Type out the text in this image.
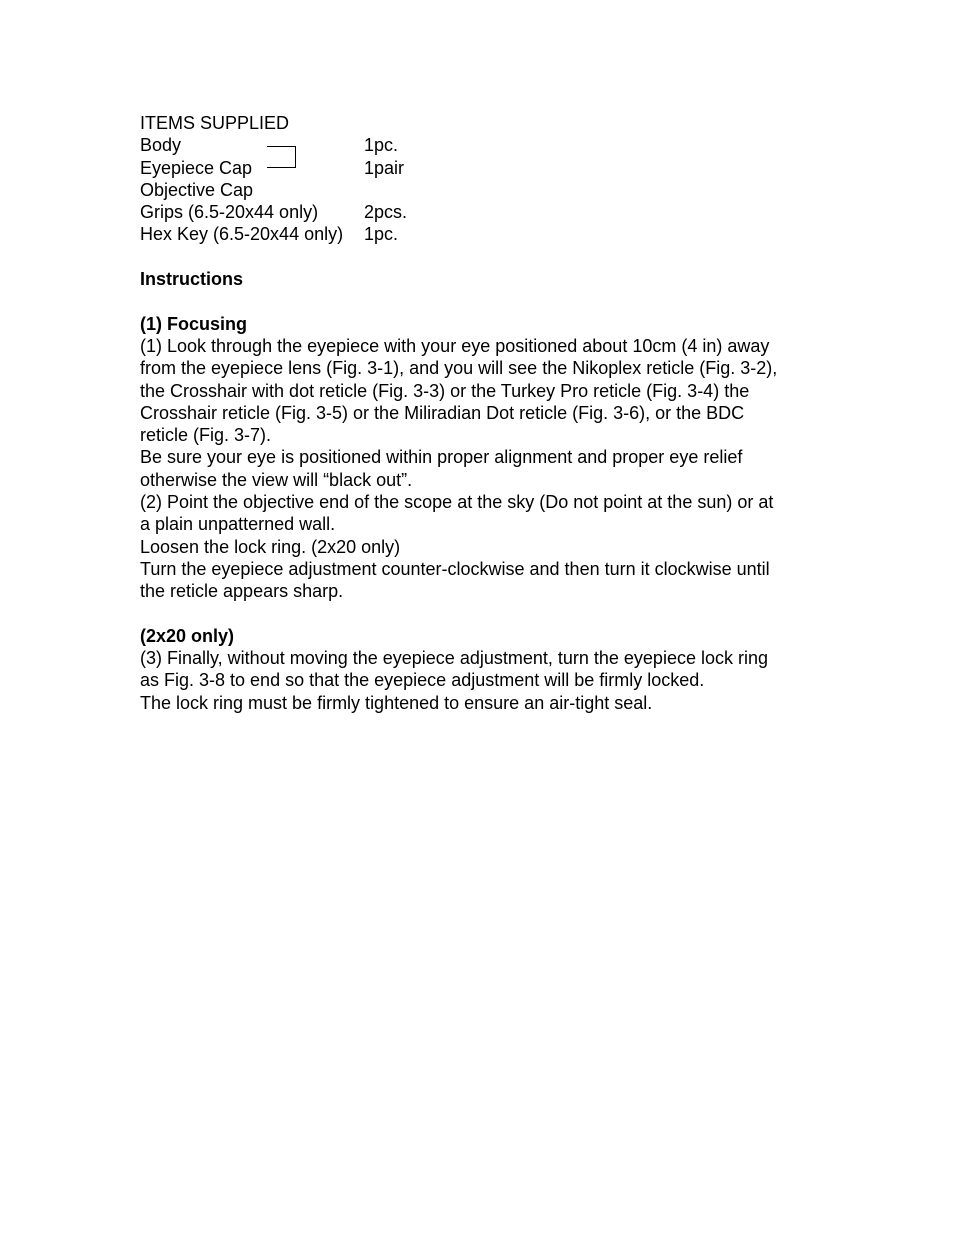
ITEMS SUPPLIED
Body	1pc.
Eyepiece Cap	1pair
Objective Cap
Grips (6.5-20x44 only)	2pcs.
Hex Key (6.5-20x44 only) 1pc.
Instructions
(1) Focusing
(1) Look through the eyepiece with your eye positioned about 10cm (4 in) away
from the eyepiece lens (Fig. 3-1), and you will see the Nikoplex reticle (Fig. 3-2),
the Crosshair with dot reticle (Fig. 3-3) or the Turkey Pro reticle (Fig. 3-4) the
Crosshair reticle (Fig. 3-5) or the Miliradian Dot reticle (Fig. 3-6), or the BDC
reticle (Fig. 3-7).
Be sure your eye is positioned within proper alignment and proper eye relief
otherwise the view will “black out”.
(2) Point the objective end of the scope at the sky (Do not point at the sun) or at
a plain unpatterned wall.
Loosen the lock ring. (2x20 only)
Turn the eyepiece adjustment counter-clockwise and then turn it clockwise until
the reticle appears sharp.
(2x20 only)
(3) Finally, without moving the eyepiece adjustment, turn the eyepiece lock ring
as Fig. 3-8 to end so that the eyepiece adjustment will be firmly locked.
The lock ring must be firmly tightened to ensure an air-tight seal.
